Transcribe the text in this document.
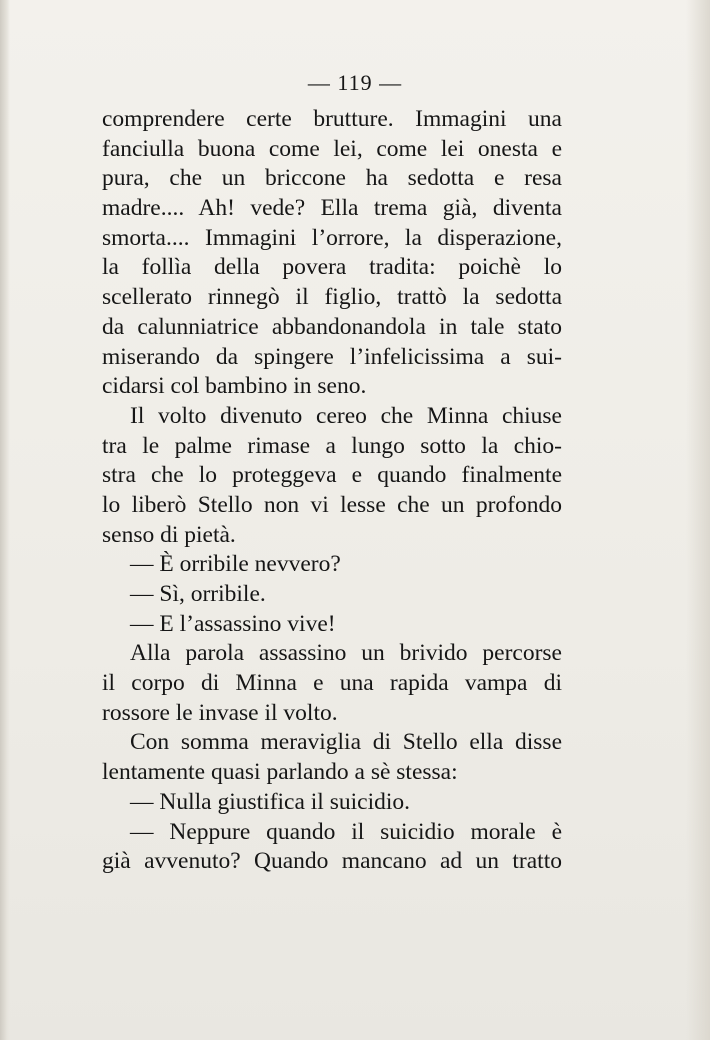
— 119 —
comprendere certe brutture. Immagini una
fanciulla buona come lei, come lei onesta e
pura, che un briccone ha sedotta e resa
madre.... Ah! vede? Ella trema già, diventa
smorta.... Immagini l’orrore, la disperazione,
la follìa della povera tradita: poichè lo
scellerato rinnegò il figlio, trattò la sedotta
da calunniatrice abbandonandola in tale stato
miserando da spingere l’infelicissima a sui-
cidarsi col bambino in seno.
Il volto divenuto cereo che Minna chiuse
tra le palme rimase a lungo sotto la chio-
stra che lo proteggeva e quando finalmente
lo liberò Stello non vi lesse che un profondo
senso di pietà.
— È orribile nevvero?
— Sì, orribile.
— E l’assassino vive!
Alla parola assassino un brivido percorse
il corpo di Minna e una rapida vampa di
rossore le invase il volto.
Con somma meraviglia di Stello ella disse
lentamente quasi parlando a sè stessa:
— Nulla giustifica il suicidio.
— Neppure quando il suicidio morale è
già avvenuto? Quando mancano ad un tratto
